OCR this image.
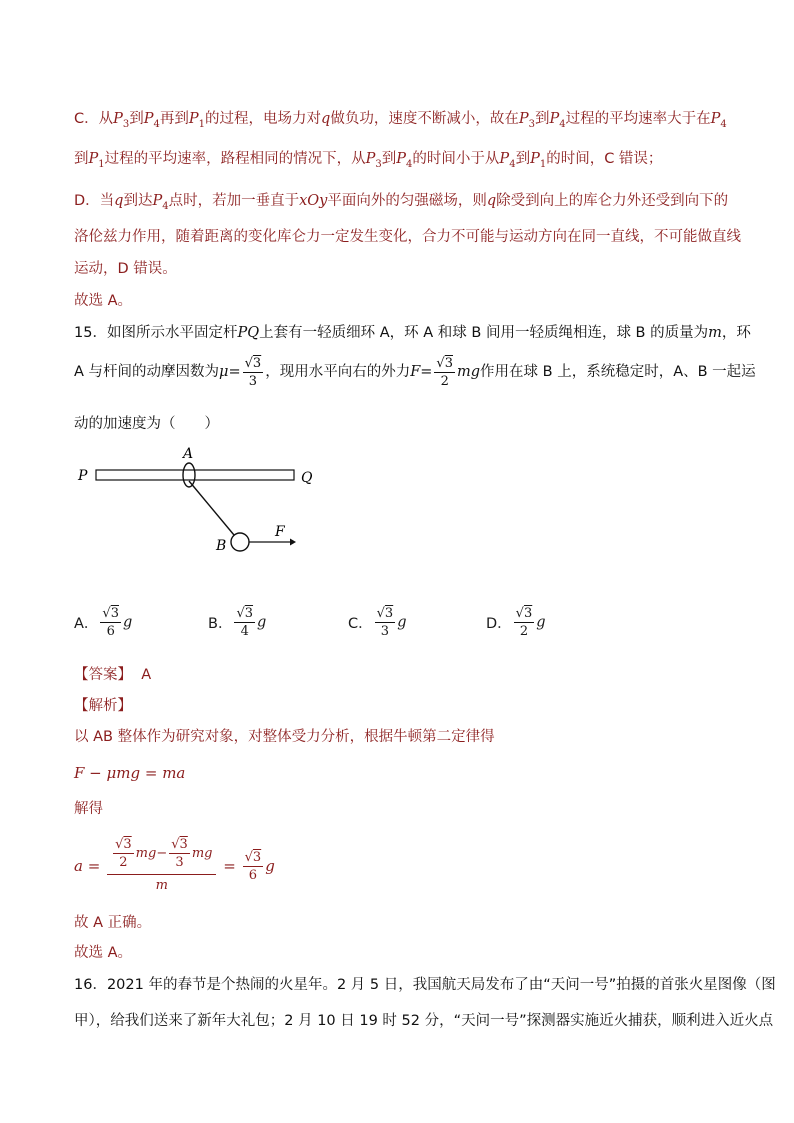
C．从$P_3$到$P_4$再到$P_1$的过程，电场力对q做负功，速度不断减小，故在$P_3$到$P_4$过程的平均速率大于在$P_4$
到$P_1$过程的平均速率，路程相同的情况下，从$P_3$到$P_4$的时间小于从$P_4$到$P_1$的时间，C 错误；
D．当q到达$P_4$点时，若加一垂直于xOy平面向外的匀强磁场，则q除受到向上的库仑力外还受到向下的
洛伦兹力作用，随着距离的变化库仑力一定发生变化，合力不可能与运动方向在同一直线，不可能做直线
运动，D 错误。
故选 A。
15．如图所示水平固定杆PQ上套有一轻质细环 A，环 A 和球 B 间用一轻质绳相连，球 B 的质量为m，环
A 与杆间的动摩因数为$\mu= \frac{√3}{3}$ ，现用水平向右的外力$F= \frac{√3}{2}$ mg作用在球 B 上，系统稳定时，A、B 一起运
动的加速度为（　　）
P	Q
A
B
F
A． $\frac{√3}{6}$ g	B． $\frac{√3}{4}$ g	C． $\frac{√3}{3}$ g	D． $\frac{√3}{2}$ g
【答案】 A
【解析】
以 AB 整体作为研究对象，对整体受力分析，根据牛顿第二定律得
F − μmg = ma
解得
$a = \frac{\frac{√3}{2} mg- \frac{√3}{3} mg}{m} = \frac{√3}{6}$ g
故 A 正确。
故选 A。
16．2021 年的春节是个热闹的火星年。2 月 5 日，我国航天局发布了由“天问一号”拍摄的首张火星图像（图
甲），给我们送来了新年大礼包；2 月 10 日 19 时 52 分，“天问一号”探测器实施近火捕获，顺利进入近火点
